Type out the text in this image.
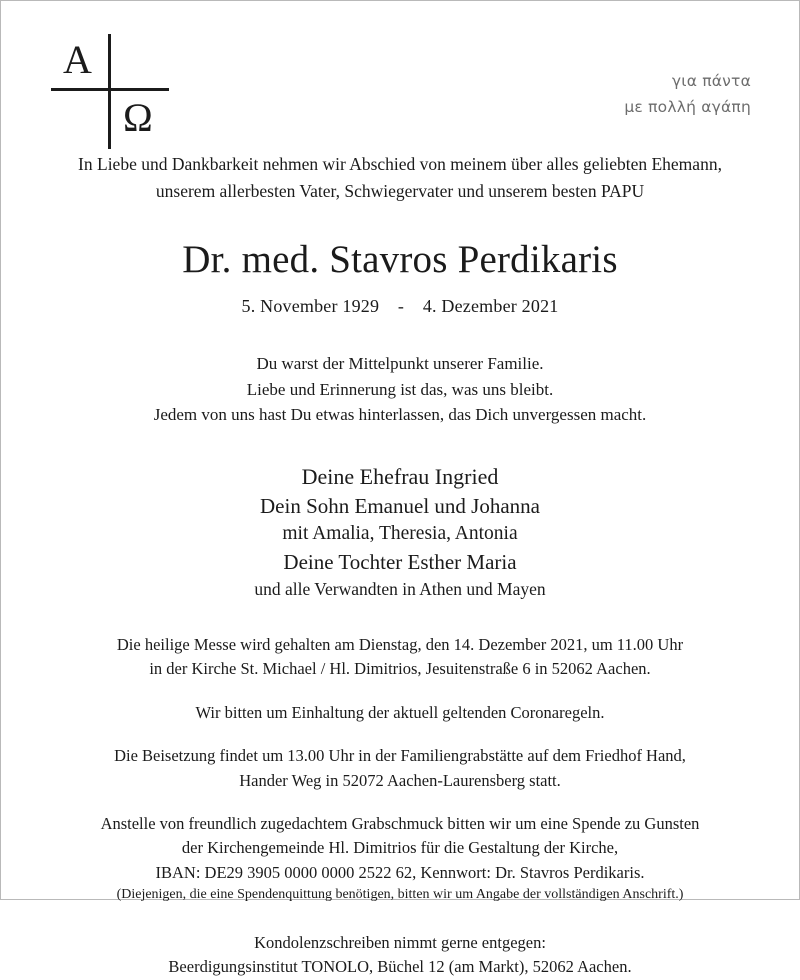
A
Ω
για πάντα
με πολλή αγάπη
In Liebe und Dankbarkeit nehmen wir Abschied von meinem über alles geliebten Ehemann,
unserem allerbesten Vater, Schwiegervater und unserem besten PAPU
Dr. med. Stavros Perdikaris
5. November 1929 - 4. Dezember 2021
Du warst der Mittelpunkt unserer Familie.
Liebe und Erinnerung ist das, was uns bleibt.
Jedem von uns hast Du etwas hinterlassen, das Dich unvergessen macht.
Deine Ehefrau Ingried
Dein Sohn Emanuel und Johanna
mit Amalia, Theresia, Antonia
Deine Tochter Esther Maria
und alle Verwandten in Athen und Mayen
Die heilige Messe wird gehalten am Dienstag, den 14. Dezember 2021, um 11.00 Uhr
in der Kirche St. Michael / Hl. Dimitrios, Jesuitenstraße 6 in 52062 Aachen.
Wir bitten um Einhaltung der aktuell geltenden Coronaregeln.
Die Beisetzung findet um 13.00 Uhr in der Familiengrabstätte auf dem Friedhof Hand,
Hander Weg in 52072 Aachen-Laurensberg statt.
Anstelle von freundlich zugedachtem Grabschmuck bitten wir um eine Spende zu Gunsten
der Kirchengemeinde Hl. Dimitrios für die Gestaltung der Kirche,
IBAN: DE29 3905 0000 0000 2522 62, Kennwort: Dr. Stavros Perdikaris.
(Diejenigen, die eine Spendenquittung benötigen, bitten wir um Angabe der vollständigen Anschrift.)
Kondolenzschreiben nimmt gerne entgegen:
Beerdigungsinstitut TONOLO, Büchel 12 (am Markt), 52062 Aachen.
